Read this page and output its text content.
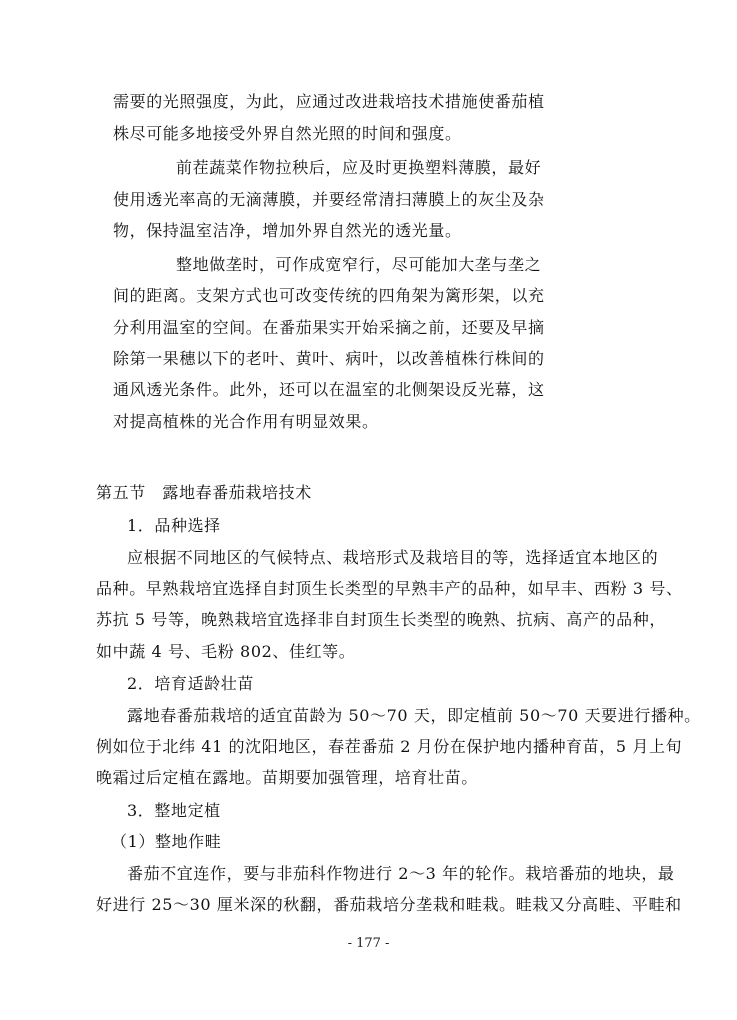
需要的光照强度，为此，应通过改进栽培技术措施使番茄植
株尽可能多地接受外界自然光照的时间和强度。
前茬蔬菜作物拉秧后，应及时更换塑料薄膜，最好
使用透光率高的无滴薄膜，并要经常清扫薄膜上的灰尘及杂
物，保持温室洁净，增加外界自然光的透光量。
整地做垄时，可作成宽窄行，尽可能加大垄与垄之
间的距离。支架方式也可改变传统的四角架为篱形架，以充
分利用温室的空间。在番茄果实开始采摘之前，还要及早摘
除第一果穗以下的老叶、黄叶、病叶，以改善植株行株间的
通风透光条件。此外，还可以在温室的北侧架设反光幕，这
对提高植株的光合作用有明显效果。
第五节　露地春番茄栽培技术
1．品种选择
应根据不同地区的气候特点、栽培形式及栽培目的等，选择适宜本地区的
品种。早熟栽培宜选择自封顶生长类型的早熟丰产的品种，如早丰、西粉 3 号、
苏抗 5 号等，晚熟栽培宜选择非自封顶生长类型的晚熟、抗病、高产的品种，
如中蔬 4 号、毛粉 802、佳红等。
2．培育适龄壮苗
露地春番茄栽培的适宜苗龄为 50～70 天，即定植前 50～70 天要进行播种。
例如位于北纬 41 的沈阳地区，春茬番茄 2 月份在保护地内播种育苗，5 月上旬
晚霜过后定植在露地。苗期要加强管理，培育壮苗。
3．整地定植
（1）整地作畦
番茄不宜连作，要与非茄科作物进行 2～3 年的轮作。栽培番茄的地块，最
好进行 25～30 厘米深的秋翻，番茄栽培分垄栽和畦栽。畦栽又分高畦、平畦和
- 177 -
